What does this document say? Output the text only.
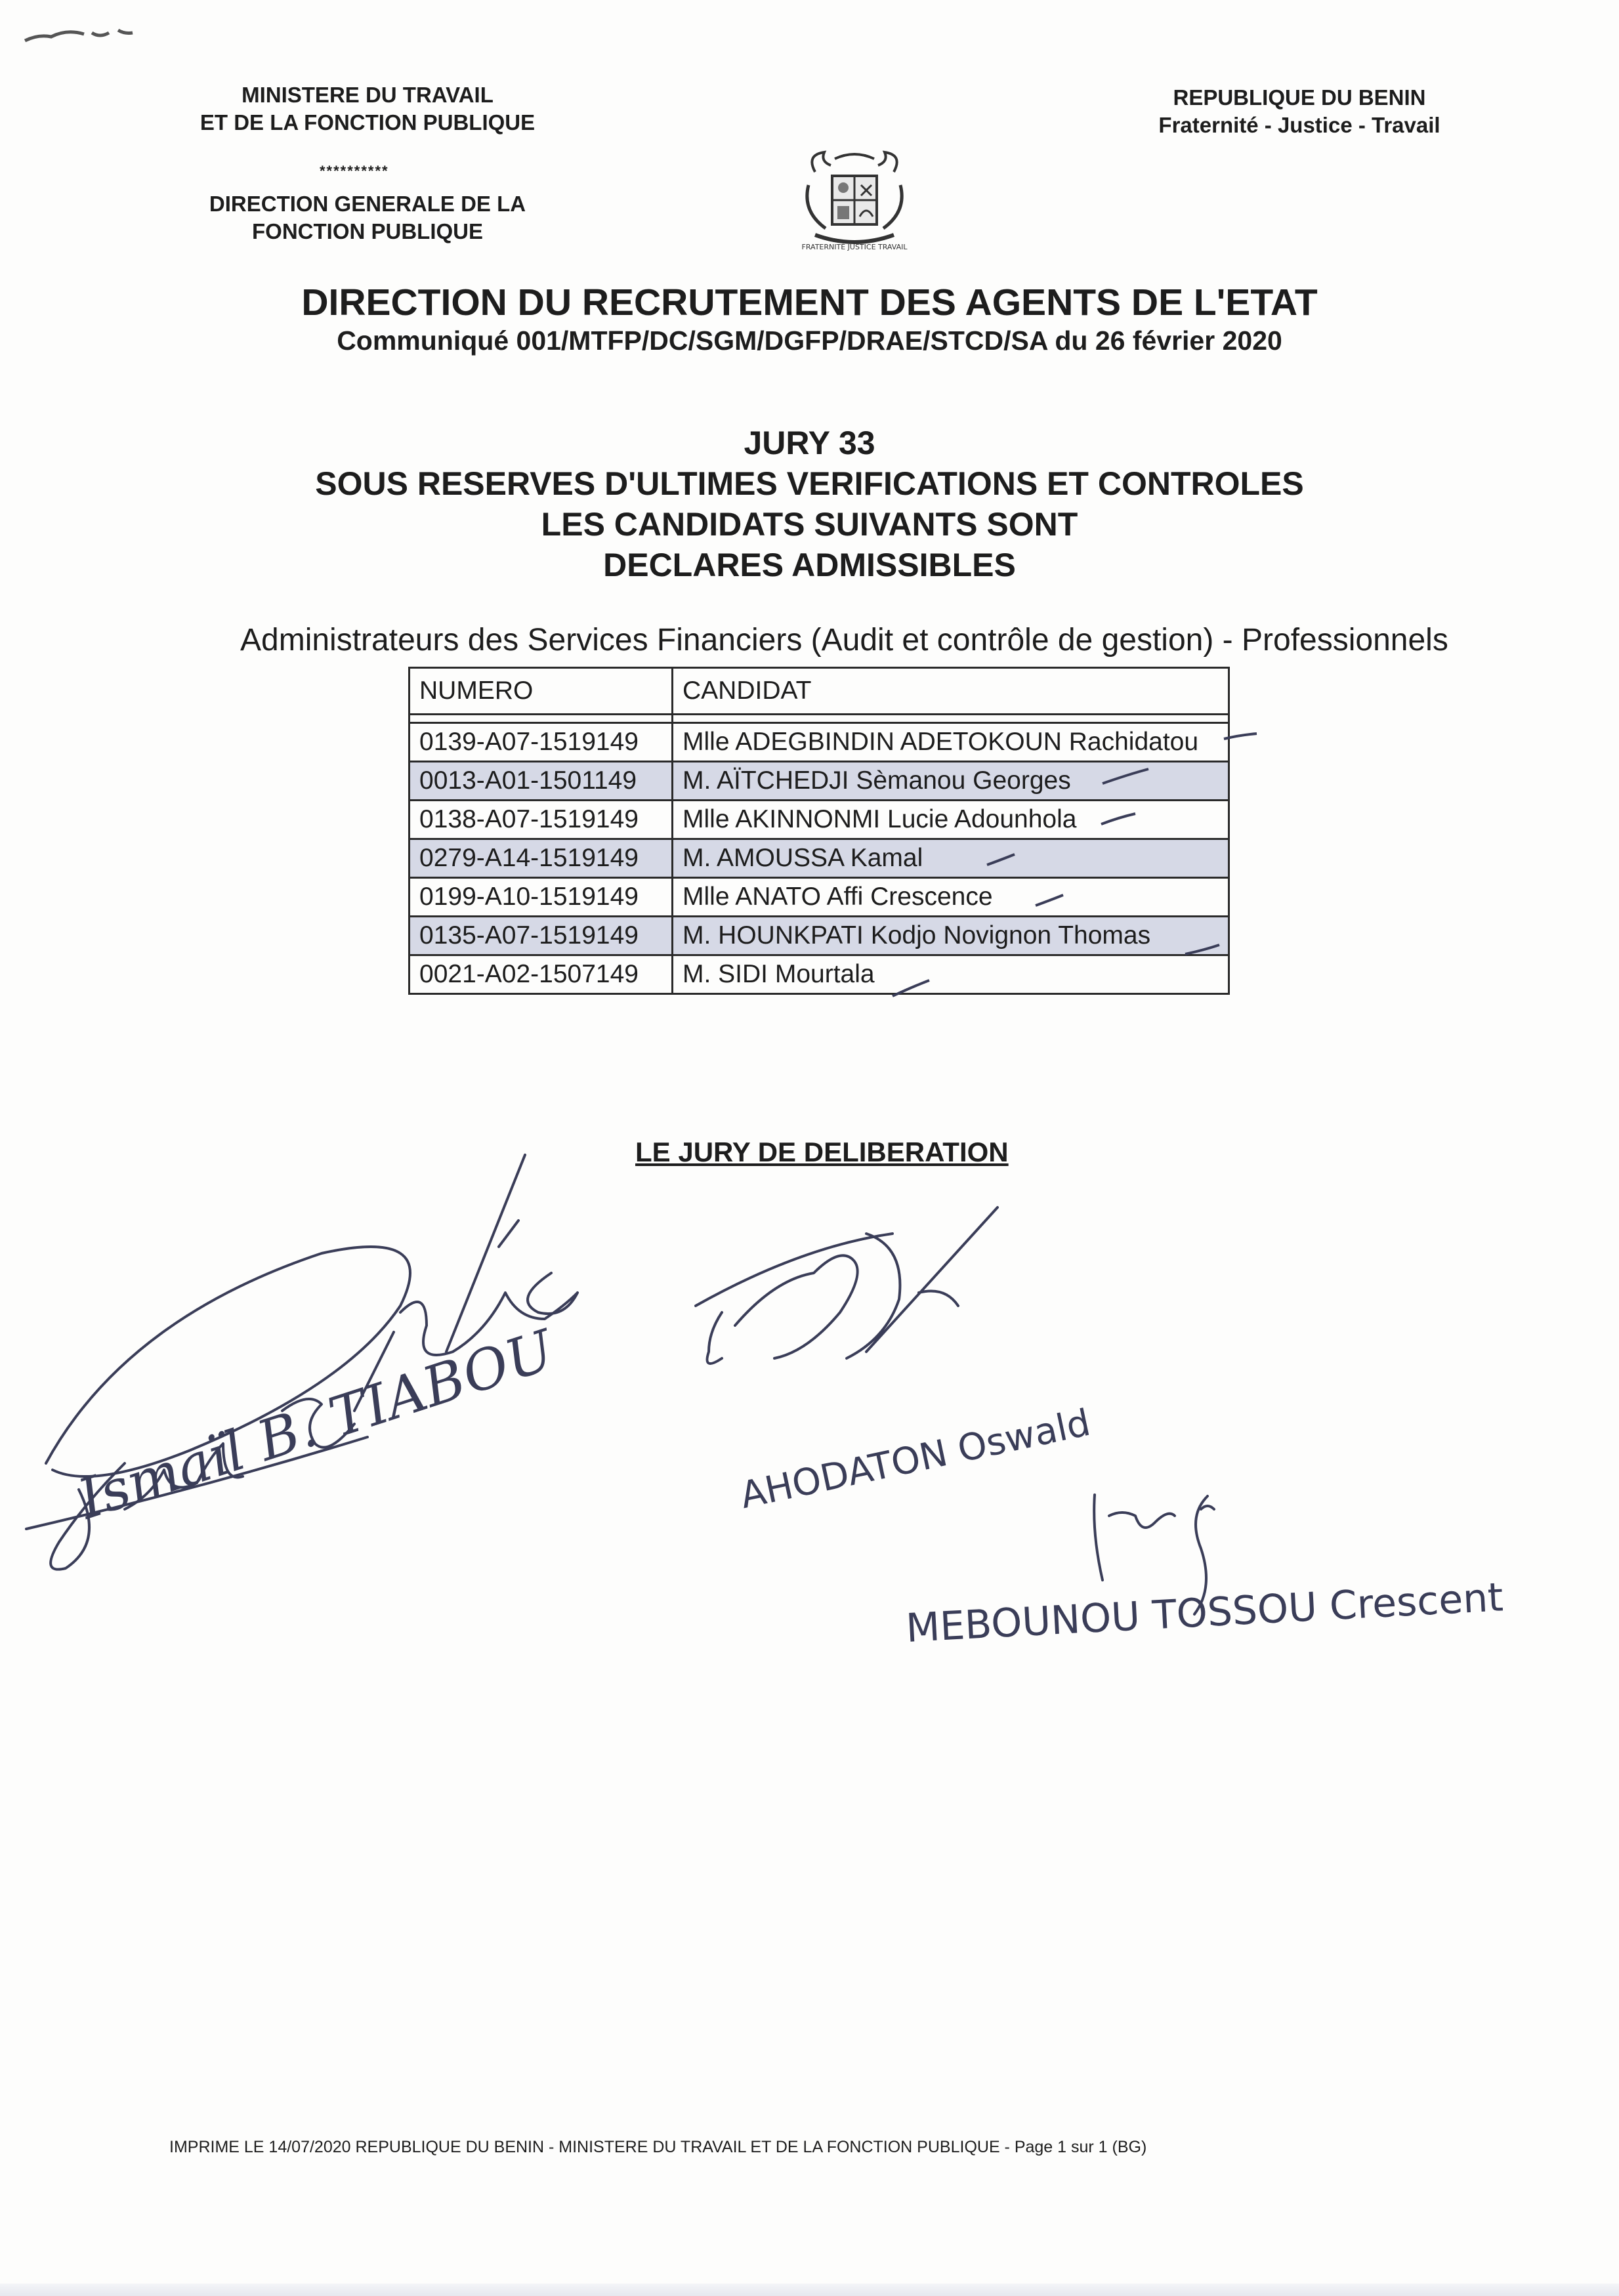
MINISTERE DU TRAVAIL
ET DE LA FONCTION PUBLIQUE
**********
DIRECTION GENERALE DE LA
FONCTION PUBLIQUE
REPUBLIQUE DU BENIN
Fraternité - Justice - Travail
FRATERNITÉ JUSTICE TRAVAIL
DIRECTION DU RECRUTEMENT DES AGENTS DE L'ETAT
Communiqué 001/MTFP/DC/SGM/DGFP/DRAE/STCD/SA du 26 février 2020
JURY 33
SOUS RESERVES D'ULTIMES VERIFICATIONS ET CONTROLES
LES CANDIDATS SUIVANTS SONT
DECLARES ADMISSIBLES
Administrateurs des Services Financiers (Audit et contrôle de gestion) - Professionnels
NUMERO	CANDIDAT

0139-A07-1519149	Mlle ADEGBINDIN ADETOKOUN Rachidatou
0013-A01-1501149	M. AÏTCHEDJI Sèmanou Georges
0138-A07-1519149	Mlle AKINNONMI Lucie Adounhola
0279-A14-1519149	M. AMOUSSA Kamal
0199-A10-1519149	Mlle ANATO Affi Crescence
0135-A07-1519149	M. HOUNKPATI Kodjo Novignon Thomas
0021-A02-1507149	M. SIDI Mourtala
LE JURY DE DELIBERATION
Ismaïl B. TIABOU	AHODATON Oswald
MEBOUNOU TOSSOU Crescent
IMPRIME LE 14/07/2020 REPUBLIQUE DU BENIN - MINISTERE DU TRAVAIL ET DE LA FONCTION PUBLIQUE - Page 1 sur 1 (BG)
